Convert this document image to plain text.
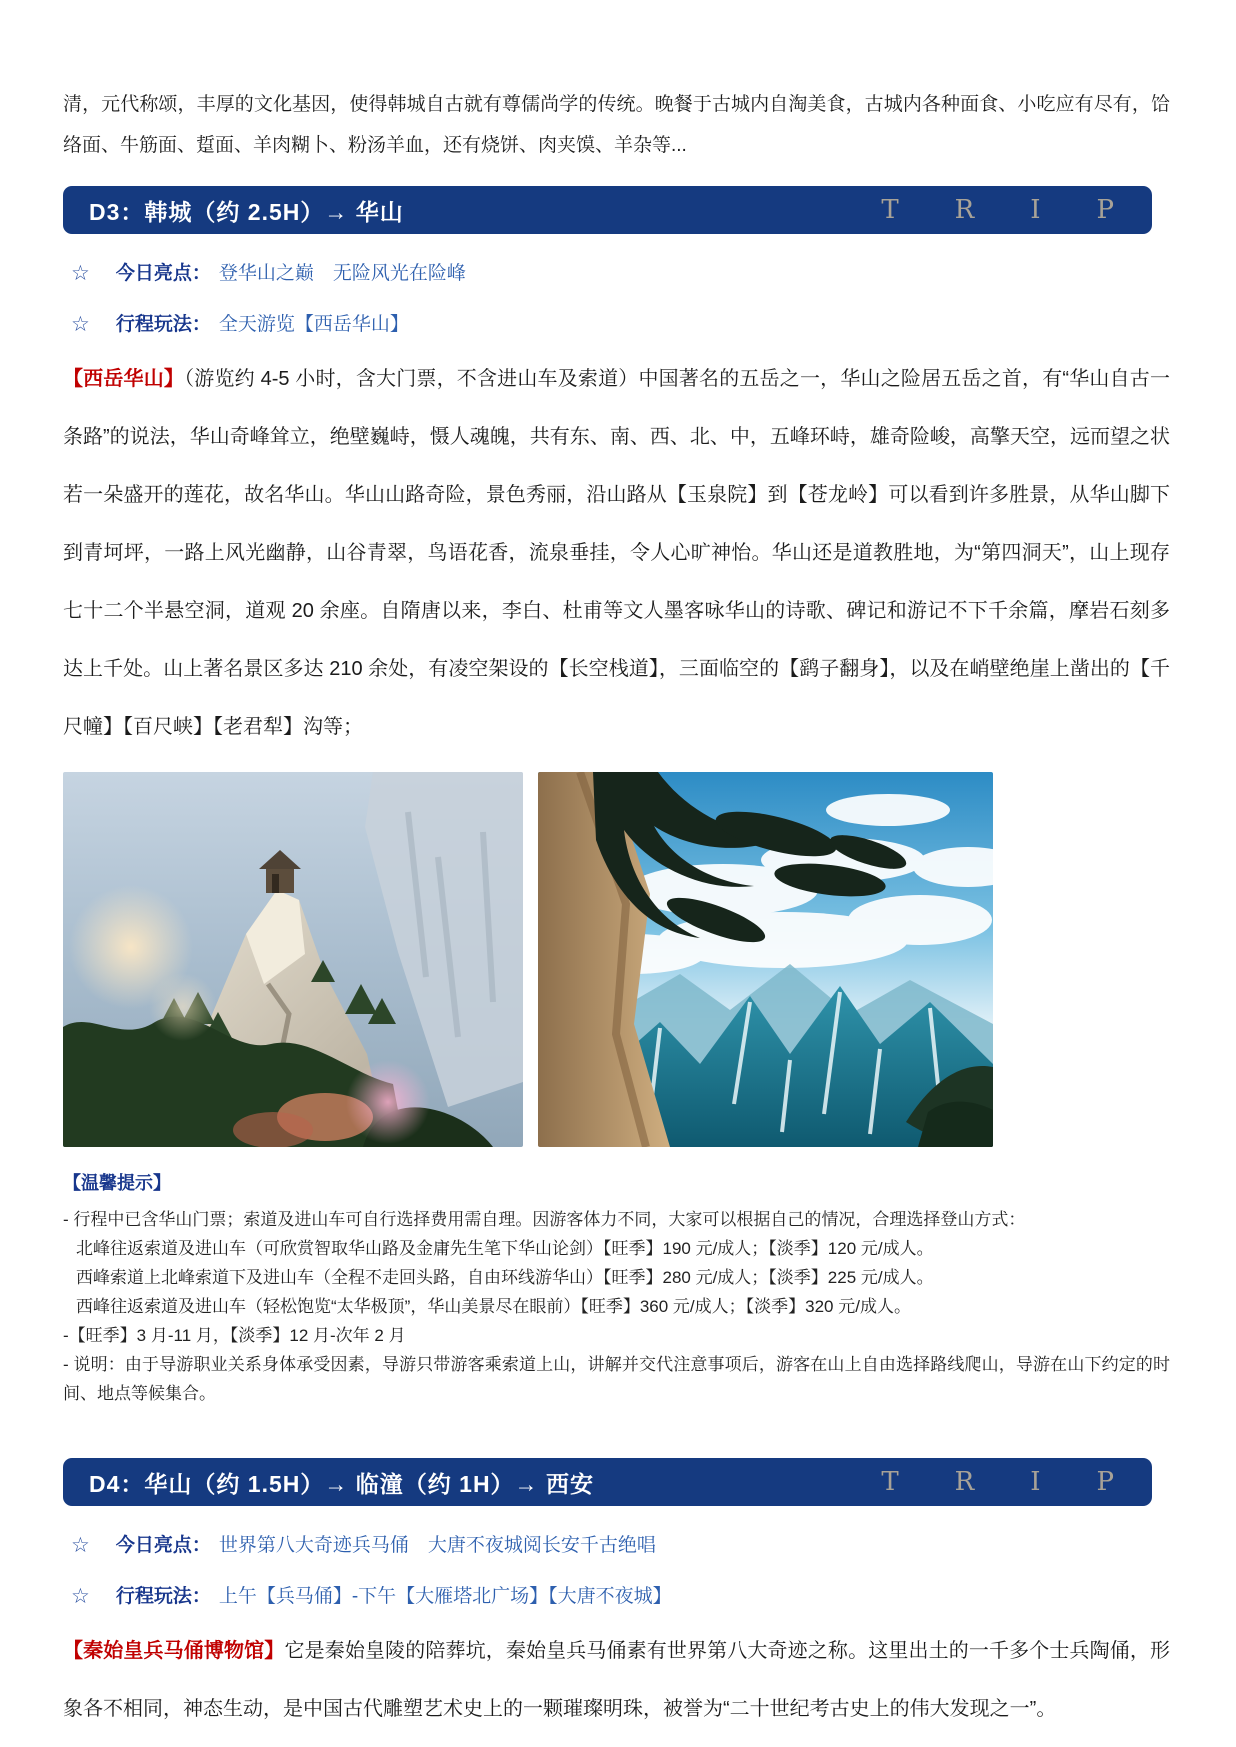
清，元代称颂，丰厚的文化基因，使得韩城自古就有尊儒尚学的传统。晚餐于古城内自淘美食，古城内各种面食、小吃应有尽有，饸络面、牛筋面、踅面、羊肉糊卜、粉汤羊血，还有烧饼、肉夹馍、羊杂等...

D3：韩城（约 2.5H）→ 华山	TRIP
☆ 今日亮点： 登华山之巅　无险风光在险峰
☆ 行程玩法： 全天游览【西岳华山】

【西岳华山】（游览约 4-5 小时，含大门票，不含进山车及索道）中国著名的五岳之一，华山之险居五岳之首，有“华山自古一条路”的说法，华山奇峰耸立，绝壁巍峙，慑人魂魄，共有东、南、西、北、中，五峰环峙，雄奇险峻，高擎天空，远而望之状若一朵盛开的莲花，故名华山。华山山路奇险，景色秀丽，沿山路从【玉泉院】到【苍龙岭】可以看到许多胜景，从华山脚下到青坷坪，一路上风光幽静，山谷青翠，鸟语花香，流泉垂挂，令人心旷神怡。华山还是道教胜地，为“第四洞天”，山上现存七十二个半悬空洞，道观 20 余座。自隋唐以来，李白、杜甫等文人墨客咏华山的诗歌、碑记和游记不下千余篇，摩岩石刻多达上千处。山上著名景区多达 210 余处，有凌空架设的【长空栈道】，三面临空的【鹞子翻身】，以及在峭壁绝崖上凿出的【千尺幢】【百尺峡】【老君犁】沟等；

【温馨提示】

- 行程中已含华山门票；索道及进山车可自行选择费用需自理。因游客体力不同，大家可以根据自己的情况，合理选择登山方式：

北峰往返索道及进山车（可欣赏智取华山路及金庸先生笔下华山论剑）【旺季】190 元/成人；【淡季】120 元/成人。

西峰索道上北峰索道下及进山车（全程不走回头路，自由环线游华山）【旺季】280 元/成人；【淡季】225 元/成人。

西峰往返索道及进山车（轻松饱览“太华极顶”，华山美景尽在眼前）【旺季】360 元/成人；【淡季】320 元/成人。

-【旺季】3 月-11 月，【淡季】12 月-次年 2 月

- 说明：由于导游职业关系身体承受因素，导游只带游客乘索道上山，讲解并交代注意事项后，游客在山上自由选择路线爬山，导游在山下约定的时间、地点等候集合。

D4：华山（约 1.5H）→ 临潼（约 1H）→ 西安	TRIP
☆ 今日亮点： 世界第八大奇迹兵马俑　大唐不夜城阅长安千古绝唱
☆ 行程玩法： 上午【兵马俑】-下午【大雁塔北广场】【大唐不夜城】

【秦始皇兵马俑博物馆】它是秦始皇陵的陪葬坑，秦始皇兵马俑素有世界第八大奇迹之称。这里出土的一千多个士兵陶俑，形象各不相同，神态生动，是中国古代雕塑艺术史上的一颗璀璨明珠，被誉为“二十世纪考古史上的伟大发现之一”。
